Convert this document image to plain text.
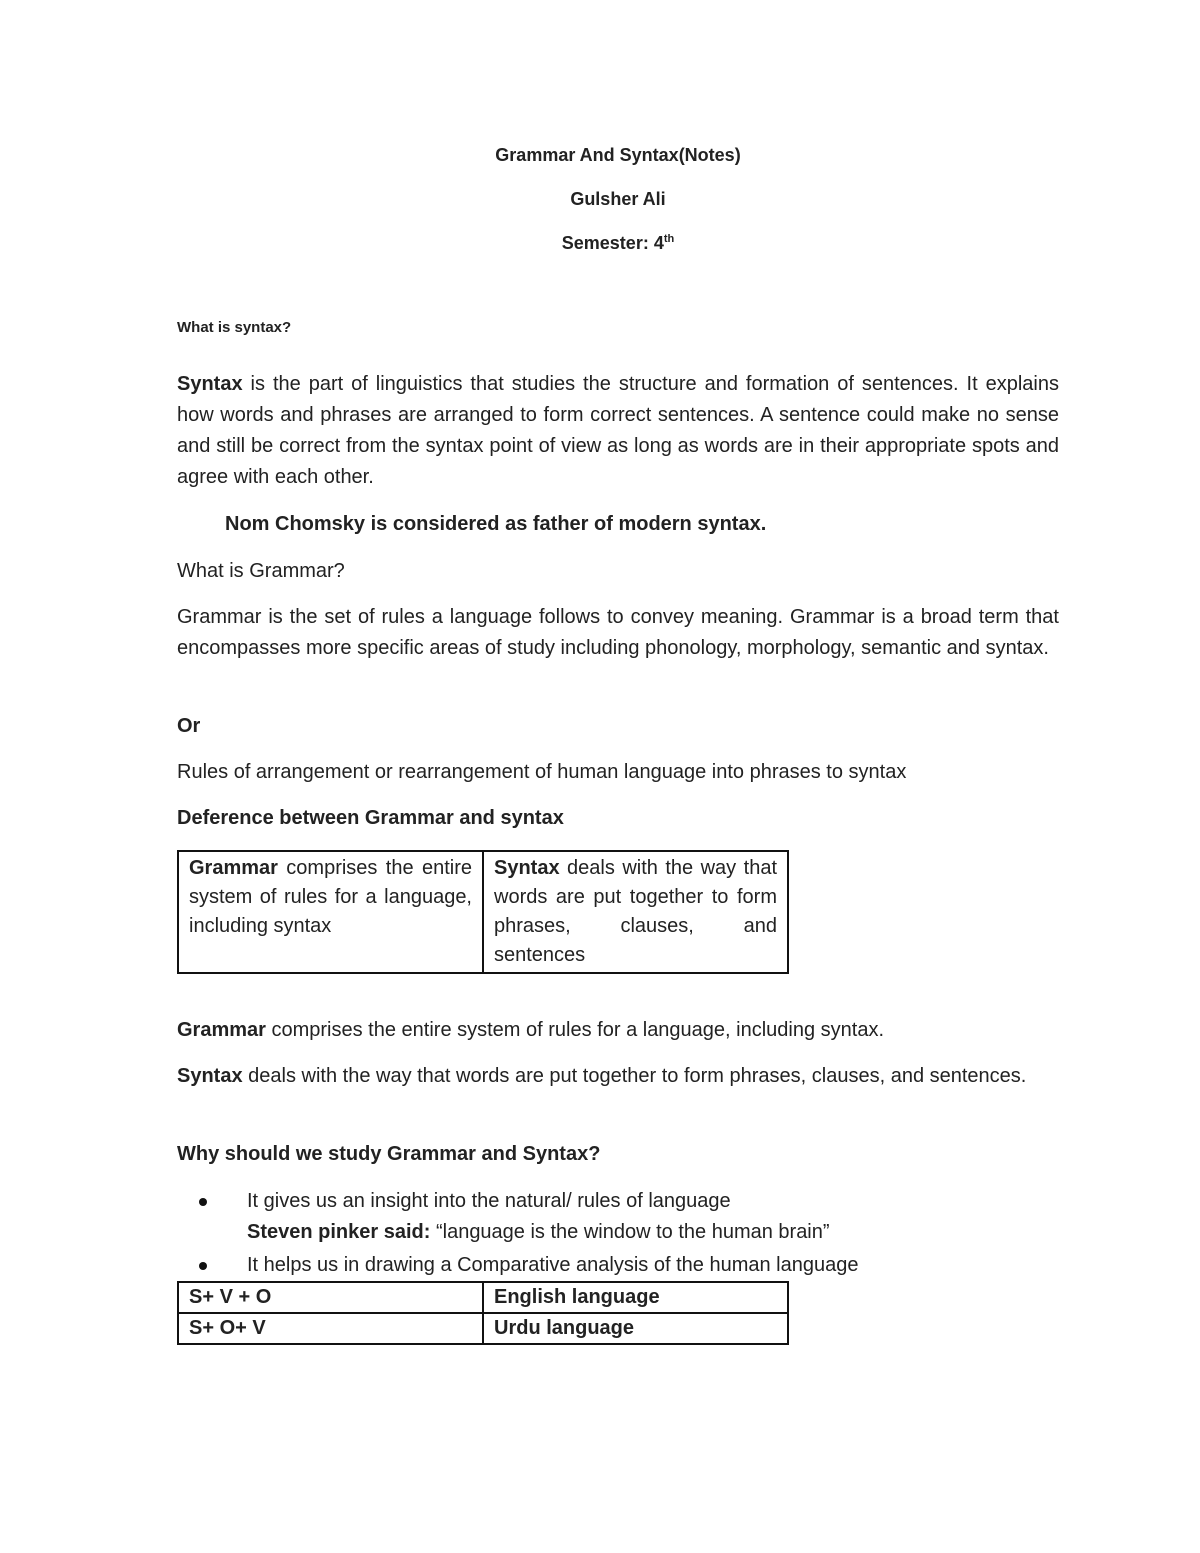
Grammar And Syntax(Notes)
Gulsher Ali
Semester: 4th
What is syntax?
Syntax is the part of linguistics that studies the structure and formation of sentences. It explains how words and phrases are arranged to form correct sentences. A sentence could make no sense and still be correct from the syntax point of view as long as words are in their appropriate spots and agree with each other.
Nom Chomsky is considered as father of modern syntax.
What is Grammar?
Grammar is the set of rules a language follows to convey meaning. Grammar is a broad term that encompasses more specific areas of study including phonology, morphology, semantic and syntax.
Or
Rules of arrangement or rearrangement of human language into phrases to syntax
Deference between Grammar and syntax
Grammar comprises the entire system of rules for a language, including syntax	Syntax deals with the way that words are put together to form phrases, clauses, and sentences
Grammar comprises the entire system of rules for a language, including syntax.
Syntax deals with the way that words are put together to form phrases, clauses, and sentences.
Why should we study Grammar and Syntax?
It gives us an insight into the natural/ rules of language
Steven pinker said: “language is the window to the human brain”
It helps us in drawing a Comparative analysis of the human language
S+ V + O	English language
S+ O+ V	Urdu language
